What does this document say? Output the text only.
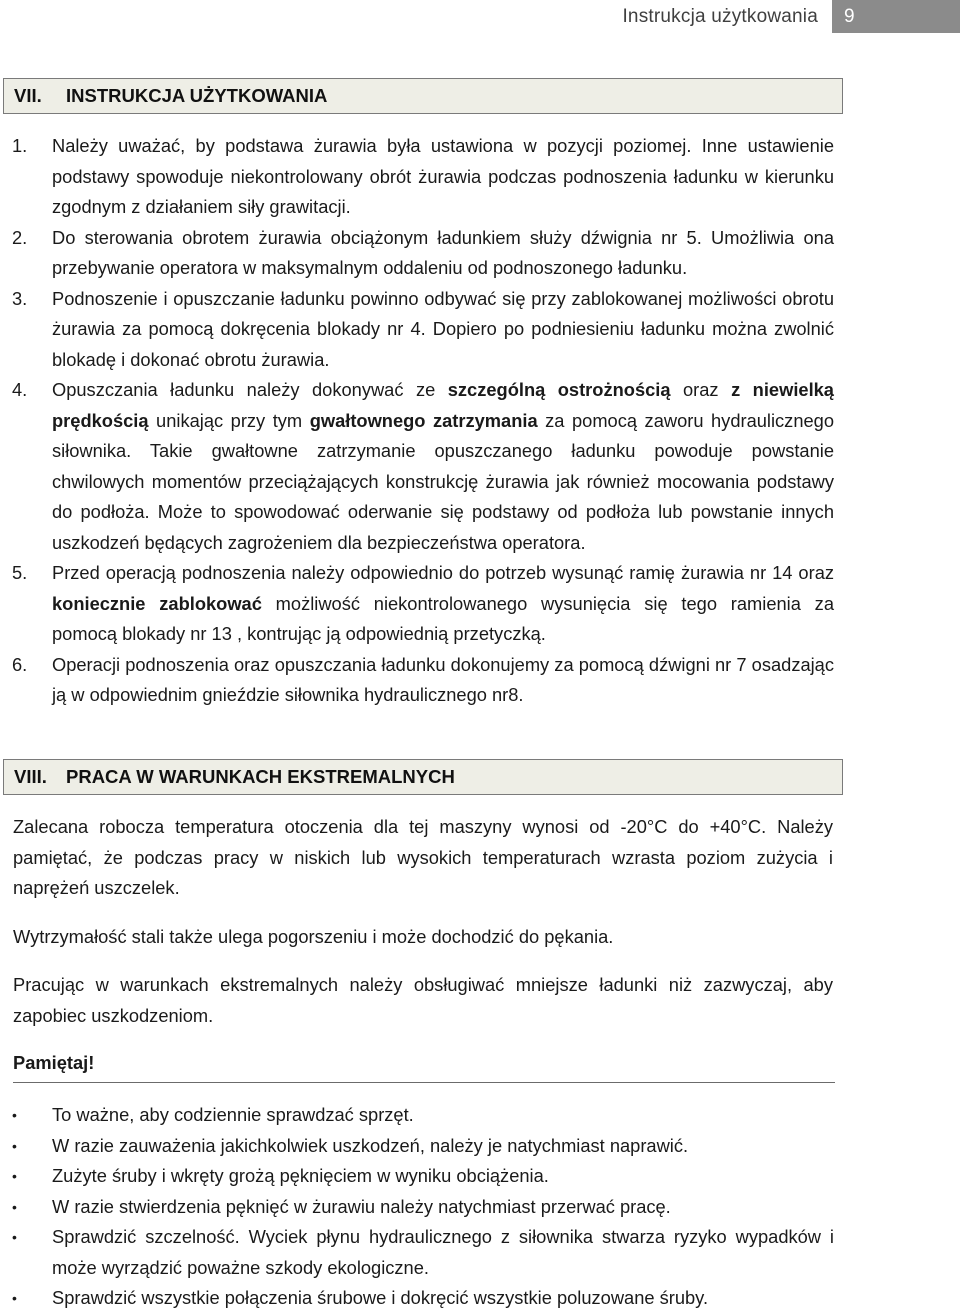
Instrukcja użytkowania	9
VII.	INSTRUKCJA UŻYTKOWANIA
1.	Należy uważać, by podstawa żurawia była ustawiona w pozycji poziomej. Inne ustawienie podstawy spowoduje niekontrolowany obrót żurawia podczas podnoszenia ładunku w kierunku zgodnym z działaniem siły grawitacji.
2.	Do sterowania obrotem żurawia obciążonym ładunkiem służy dźwignia nr 5. Umożliwia ona przebywanie operatora w maksymalnym oddaleniu od podnoszonego ładunku.
3.	Podnoszenie i opuszczanie ładunku powinno odbywać się przy zablokowanej możliwości obrotu żurawia za pomocą dokręcenia blokady nr 4. Dopiero po podniesieniu ładunku można zwolnić blokadę i dokonać obrotu żurawia.
4.	Opuszczania ładunku należy dokonywać ze szczególną ostrożnością oraz z niewielką prędkością unikając przy tym gwałtownego zatrzymania za pomocą zaworu hydraulicznego siłownika. Takie gwałtowne zatrzymanie opuszczanego ładunku powoduje powstanie chwilowych momentów przeciążających konstrukcję żurawia jak również mocowania podstawy do podłoża. Może to spowodować oderwanie się podstawy od podłoża lub powstanie innych uszkodzeń będących zagrożeniem dla bezpieczeństwa operatora.
5.	Przed operacją podnoszenia należy odpowiednio do potrzeb wysunąć ramię żurawia nr 14 oraz koniecznie zablokować możliwość niekontrolowanego wysunięcia się tego ramienia za pomocą blokady nr 13 , kontrując ją odpowiednią przetyczką.
6.	Operacji podnoszenia oraz opuszczania ładunku dokonujemy za pomocą dźwigni nr 7 osadzając ją w odpowiednim gnieździe siłownika hydraulicznego nr8.
VIII.	PRACA W WARUNKACH EKSTREMALNYCH

Zalecana robocza temperatura otoczenia dla tej maszyny wynosi od -20°C do +40°C. Należy pamiętać, że podczas pracy w niskich lub wysokich temperaturach wzrasta poziom zużycia i naprężeń uszczelek.

Wytrzymałość stali także ulega pogorszeniu i może dochodzić do pękania.

Pracując w warunkach ekstremalnych należy obsługiwać mniejsze ładunki niż zazwyczaj, aby zapobiec uszkodzeniom.

Pamiętaj!
•	To ważne, aby codziennie sprawdzać sprzęt.
•	W razie zauważenia jakichkolwiek uszkodzeń, należy je natychmiast naprawić.
•	Zużyte śruby i wkręty grożą pęknięciem w wyniku obciążenia.
•	W razie stwierdzenia pęknięć w żurawiu należy natychmiast przerwać pracę.
•	Sprawdzić szczelność. Wyciek płynu hydraulicznego z siłownika stwarza ryzyko wypadków i może wyrządzić poważne szkody ekologiczne.
•	Sprawdzić wszystkie połączenia śrubowe i dokręcić wszystkie poluzowane śruby.
